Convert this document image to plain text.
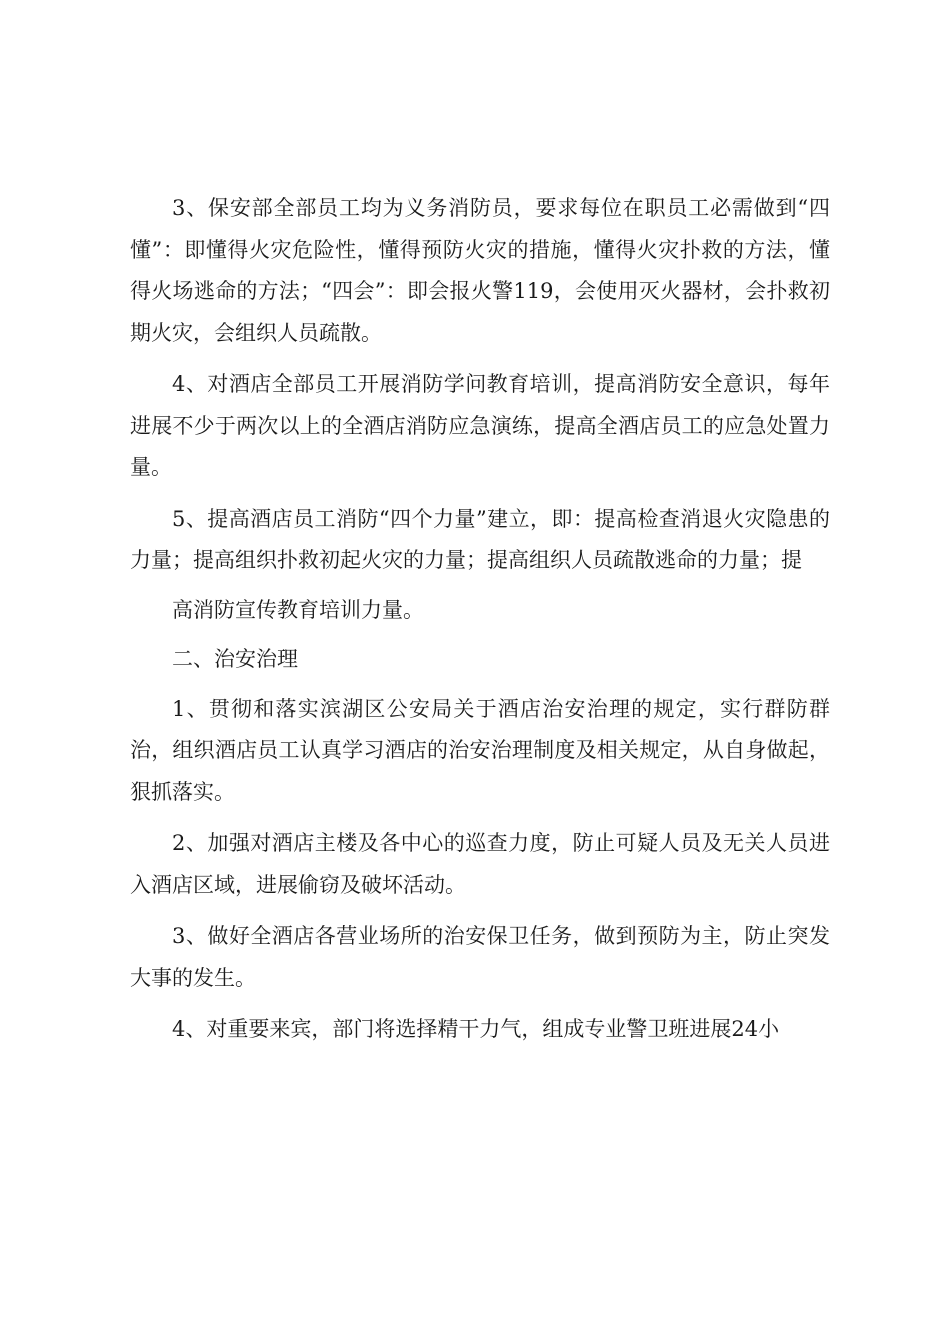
3、保安部全部员工均为义务消防员，要求每位在职员工必需做到“四懂”：即懂得火灾危险性，懂得预防火灾的措施，懂得火灾扑救的方法，懂得火场逃命的方法；“四会”：即会报火警119，会使用灭火器材，会扑救初期火灾，会组织人员疏散。

4、对酒店全部员工开展消防学问教育培训，提高消防安全意识，每年进展不少于两次以上的全酒店消防应急演练，提高全酒店员工的应急处置力量。

5、提高酒店员工消防“四个力量”建立，即：提高检查消退火灾隐患的力量；提高组织扑救初起火灾的力量；提高组织人员疏散逃命的力量；提

高消防宣传教育培训力量。

二、治安治理

1、贯彻和落实滨湖区公安局关于酒店治安治理的规定，实行群防群治，组织酒店员工认真学习酒店的治安治理制度及相关规定，从自身做起，狠抓落实。

2、加强对酒店主楼及各中心的巡查力度，防止可疑人员及无关人员进入酒店区域，进展偷窃及破坏活动。

3、做好全酒店各营业场所的治安保卫任务，做到预防为主，防止突发大事的发生。

4、对重要来宾，部门将选择精干力气，组成专业警卫班进展24小
